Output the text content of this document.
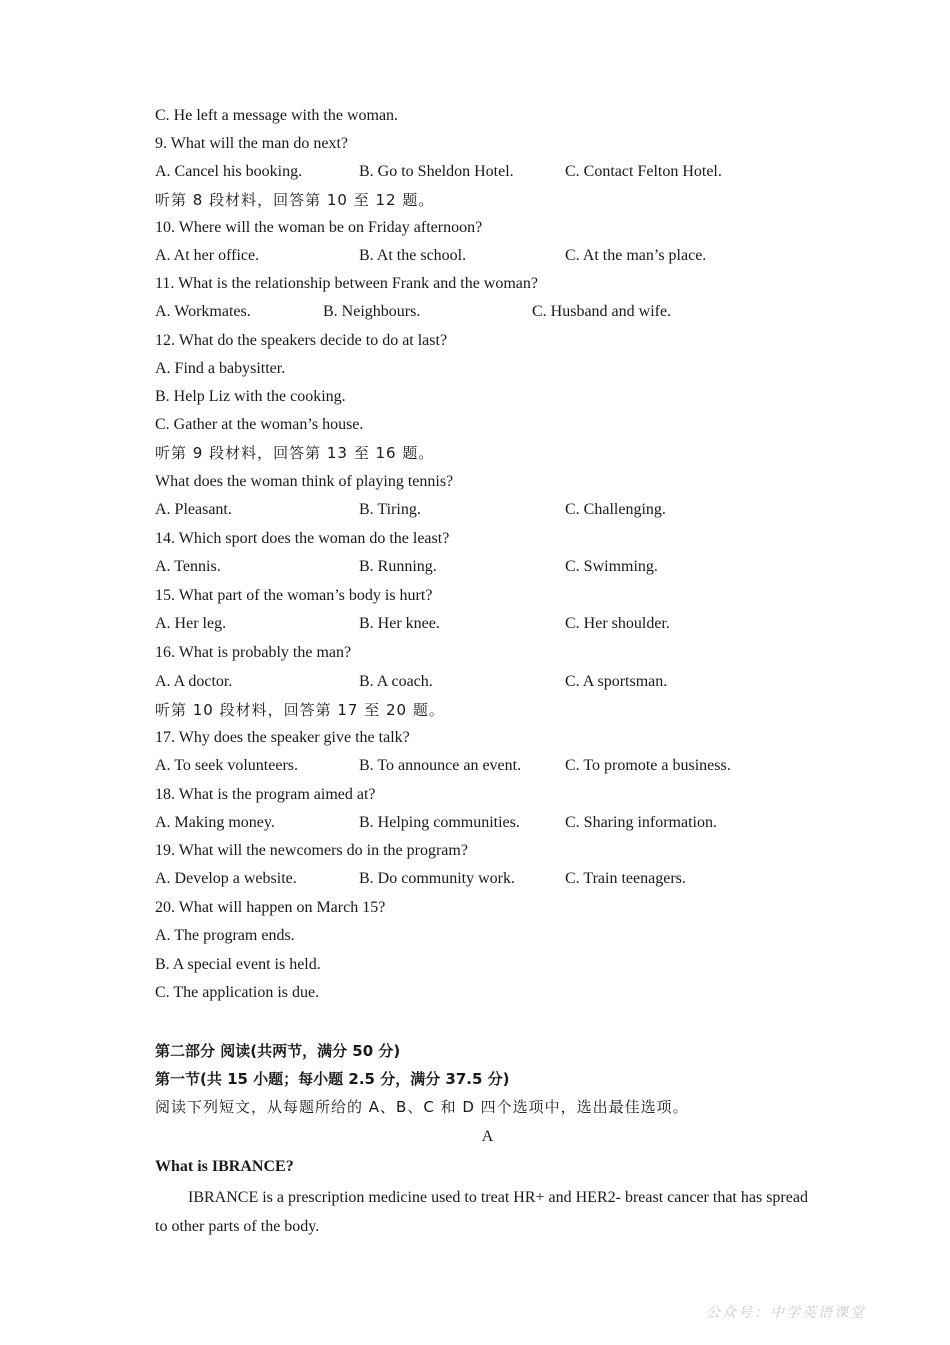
C. He left a message with the woman.
9. What will the man do next?
A. Cancel his booking.	B. Go to Sheldon Hotel.	C. Contact Felton Hotel.
听第 8 段材料，回答第 10 至 12 题。
10. Where will the woman be on Friday afternoon?
A. At her office.	B. At the school.	C. At the man’s place.
11. What is the relationship between Frank and the woman?
A. Workmates.	B. Neighbours.	C. Husband and wife.
12. What do the speakers decide to do at last?
A. Find a babysitter.
B. Help Liz with the cooking.
C. Gather at the woman’s house.
听第 9 段材料，回答第 13 至 16 题。
What does the woman think of playing tennis?
A. Pleasant.	B. Tiring.	C. Challenging.
14. Which sport does the woman do the least?
A. Tennis.	B. Running.	C. Swimming.
15. What part of the woman’s body is hurt?
A. Her leg.	B. Her knee.	C. Her shoulder.
16. What is probably the man?
A. A doctor.	B. A coach.	C. A sportsman.
听第 10 段材料，回答第 17 至 20 题。
17. Why does the speaker give the talk?
A. To seek volunteers.	B. To announce an event.	C. To promote a business.
18. What is the program aimed at?
A. Making money.	B. Helping communities.	C. Sharing information.
19. What will the newcomers do in the program?
A. Develop a website.	B. Do community work.	C. Train teenagers.
20. What will happen on March 15?
A. The program ends.
B. A special event is held.
C. The application is due.
第二部分 阅读(共两节，满分 50 分)
第一节(共 15 小题；每小题 2.5 分，满分 37.5 分)
阅读下列短文，从每题所给的 A、B、C 和 D 四个选项中，选出最佳选项。
A
What is IBRANCE?
IBRANCE is a prescription medicine used to treat HR+ and HER2- breast cancer that has spread to other parts of the body.
公众号：中学英语课堂
